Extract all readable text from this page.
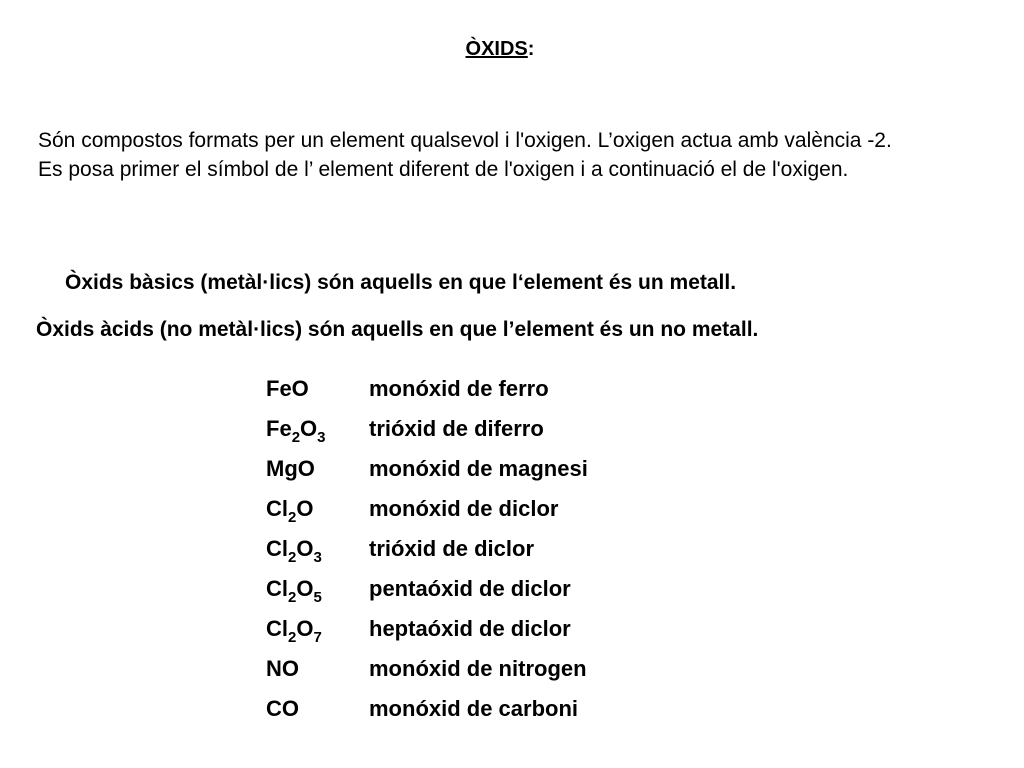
ÒXIDS:

Són compostos formats per un element qualsevol i l'oxigen. L’oxigen actua amb valència -2.

Es posa primer el símbol de l’ element diferent de l'oxigen i a continuació el de l'oxigen.

Òxids bàsics (metàl·lics) són aquells en que l‘element és un metall.
Òxids àcids (no metàl·lics) són aquells en que l’element és un no metall.
FeO	monóxid de ferro
$Fe_2O_3$	trióxid de diferro
MgO	monóxid de magnesi
$Cl_2O$	monóxid de diclor
$Cl_2O_3$	trióxid de diclor
$Cl_2O_5$	pentaóxid de diclor
$Cl_2O_7$	heptaóxid de diclor
NO	monóxid de nitrogen
CO	monóxid de carboni
